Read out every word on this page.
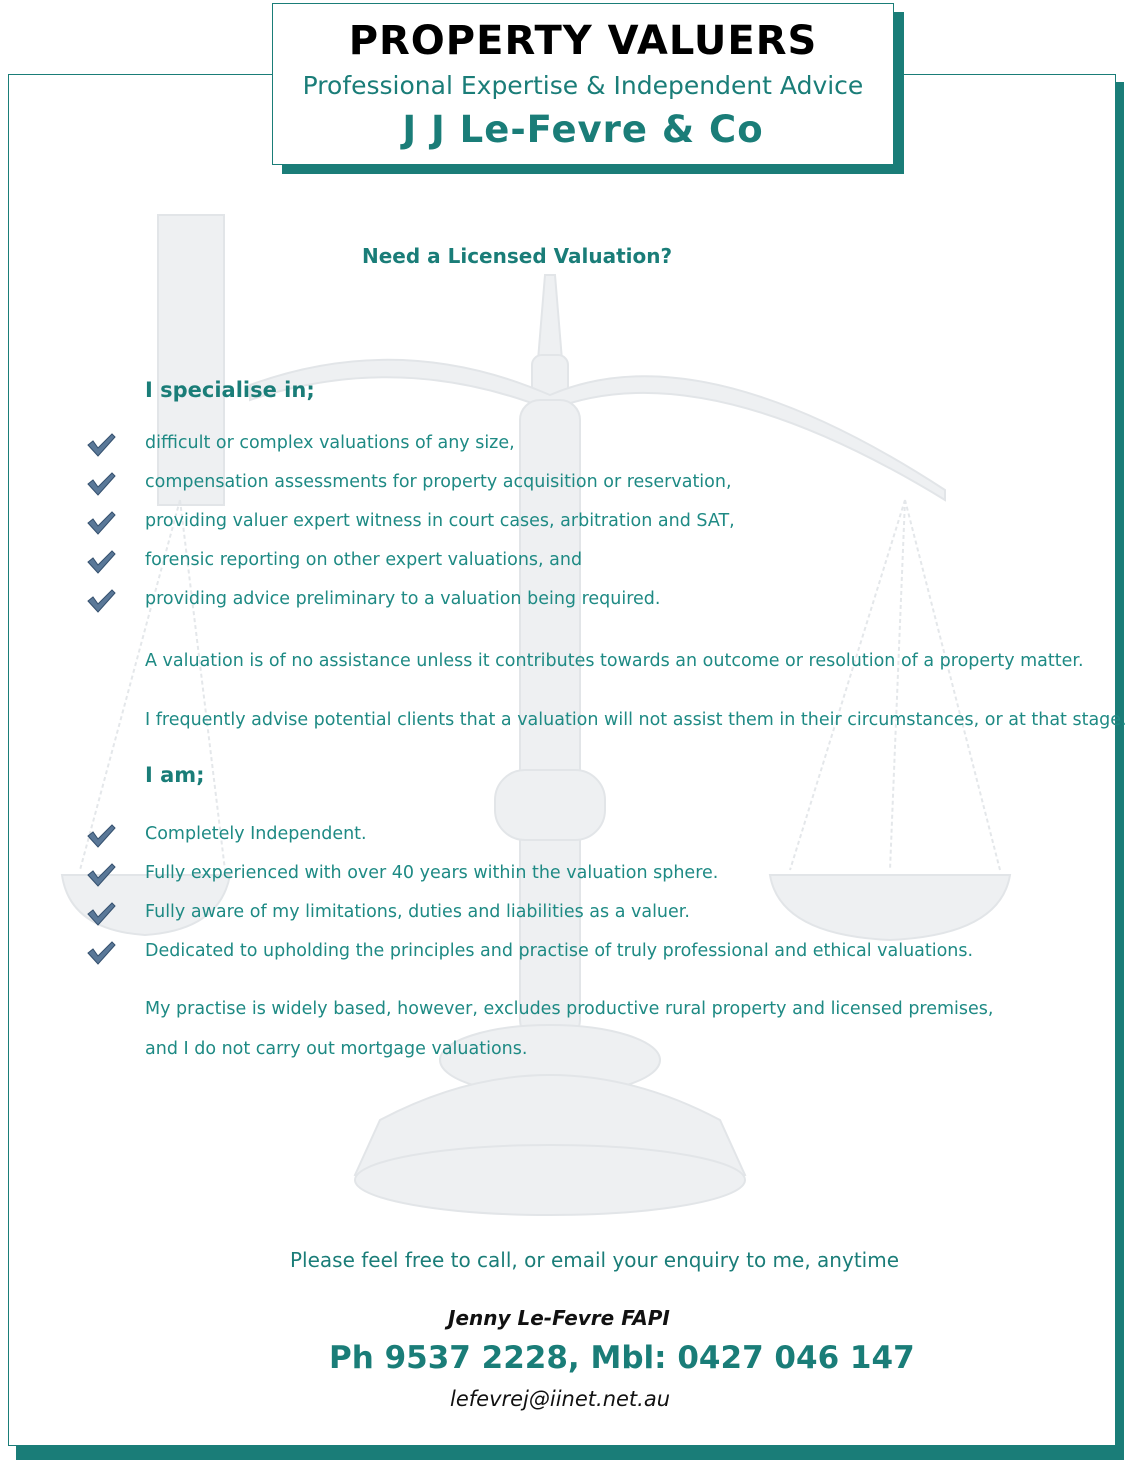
PROPERTY VALUERS
Professional Expertise & Independent Advice
J J Le-Fevre & Co
Need a Licensed Valuation?
I specialise in;
difficult or complex valuations of any size,
compensation assessments for property acquisition or reservation,
providing valuer expert witness in court cases, arbitration and SAT,
forensic reporting on other expert valuations, and
providing advice preliminary to a valuation being required.
A valuation is of no assistance unless it contributes towards an outcome or resolution of a property matter.
I frequently advise potential clients that a valuation will not assist them in their circumstances, or at that stage.
I am;
Completely Independent.
Fully experienced with over 40 years within the valuation sphere.
Fully aware of my limitations, duties and liabilities as a valuer.
Dedicated to upholding the principles and practise of truly professional and ethical valuations.
My practise is widely based, however, excludes productive rural property and licensed premises,
and I do not carry out mortgage valuations.
Please feel free to call, or email your enquiry to me, anytime
Jenny Le-Fevre FAPI
Ph 9537 2228, Mbl: 0427 046 147
lefevrej@iinet.net.au
